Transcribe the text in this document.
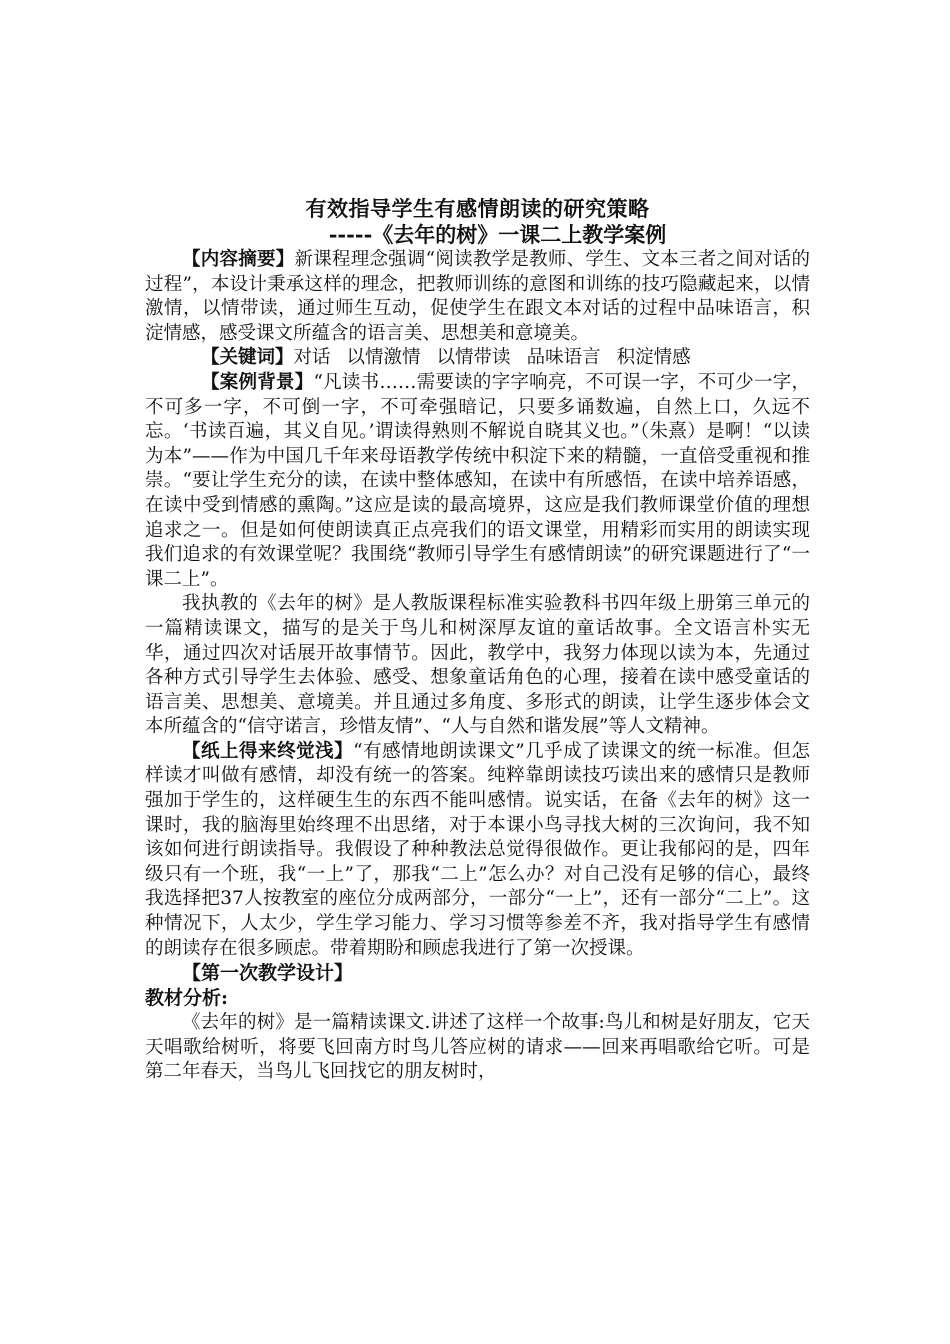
有效指导学生有感情朗读的研究策略
-----《去年的树》一课二上教学案例

【内容摘要】新课程理念强调“阅读教学是教师、学生、文本三者之间对话的过程”，本设计秉承这样的理念，把教师训练的意图和训练的技巧隐藏起来，以情激情，以情带读，通过师生互动，促使学生在跟文本对话的过程中品味语言，积淀情感，感受课文所蕴含的语言美、思想美和意境美。

【关键词】对话 以情激情 以情带读 品味语言 积淀情感

【案例背景】“凡读书……需要读的字字响亮，不可误一字，不可少一字，不可多一字，不可倒一字，不可牵强暗记，只要多诵数遍，自然上口，久远不忘。‘书读百遍，其义自见。’谓读得熟则不解说自晓其义也。”（朱熹）是啊！“以读为本”——作为中国几千年来母语教学传统中积淀下来的精髓，一直倍受重视和推崇。“要让学生充分的读，在读中整体感知，在读中有所感悟，在读中培养语感，在读中受到情感的熏陶。”这应是读的最高境界，这应是我们教师课堂价值的理想追求之一。但是如何使朗读真正点亮我们的语文课堂，用精彩而实用的朗读实现我们追求的有效课堂呢？我围绕“教师引导学生有感情朗读”的研究课题进行了“一课二上”。

我执教的《去年的树》是人教版课程标准实验教科书四年级上册第三单元的一篇精读课文，描写的是关于鸟儿和树深厚友谊的童话故事。全文语言朴实无华，通过四次对话展开故事情节。因此，教学中，我努力体现以读为本，先通过各种方式引导学生去体验、感受、想象童话角色的心理，接着在读中感受童话的语言美、思想美、意境美。并且通过多角度、多形式的朗读，让学生逐步体会文本所蕴含的“信守诺言，珍惜友情”、“人与自然和谐发展”等人文精神。

【纸上得来终觉浅】“有感情地朗读课文”几乎成了读课文的统一标准。但怎样读才叫做有感情，却没有统一的答案。纯粹靠朗读技巧读出来的感情只是教师强加于学生的，这样硬生生的东西不能叫感情。说实话，在备《去年的树》这一课时，我的脑海里始终理不出思绪，对于本课小鸟寻找大树的三次询问，我不知该如何进行朗读指导。我假设了种种教法总觉得很做作。更让我郁闷的是，四年级只有一个班，我“一上”了，那我“二上”怎么办？对自己没有足够的信心，最终我选择把37人按教室的座位分成两部分，一部分“一上”，还有一部分“二上”。这种情况下，人太少，学生学习能力、学习习惯等参差不齐，我对指导学生有感情的朗读存在很多顾虑。带着期盼和顾虑我进行了第一次授课。

【第一次教学设计】

教材分析:

《去年的树》是一篇精读课文.讲述了这样一个故事:鸟儿和树是好朋友，它天天唱歌给树听，将要飞回南方时鸟儿答应树的请求——回来再唱歌给它听。可是第二年春天，当鸟儿飞回找它的朋友树时，
